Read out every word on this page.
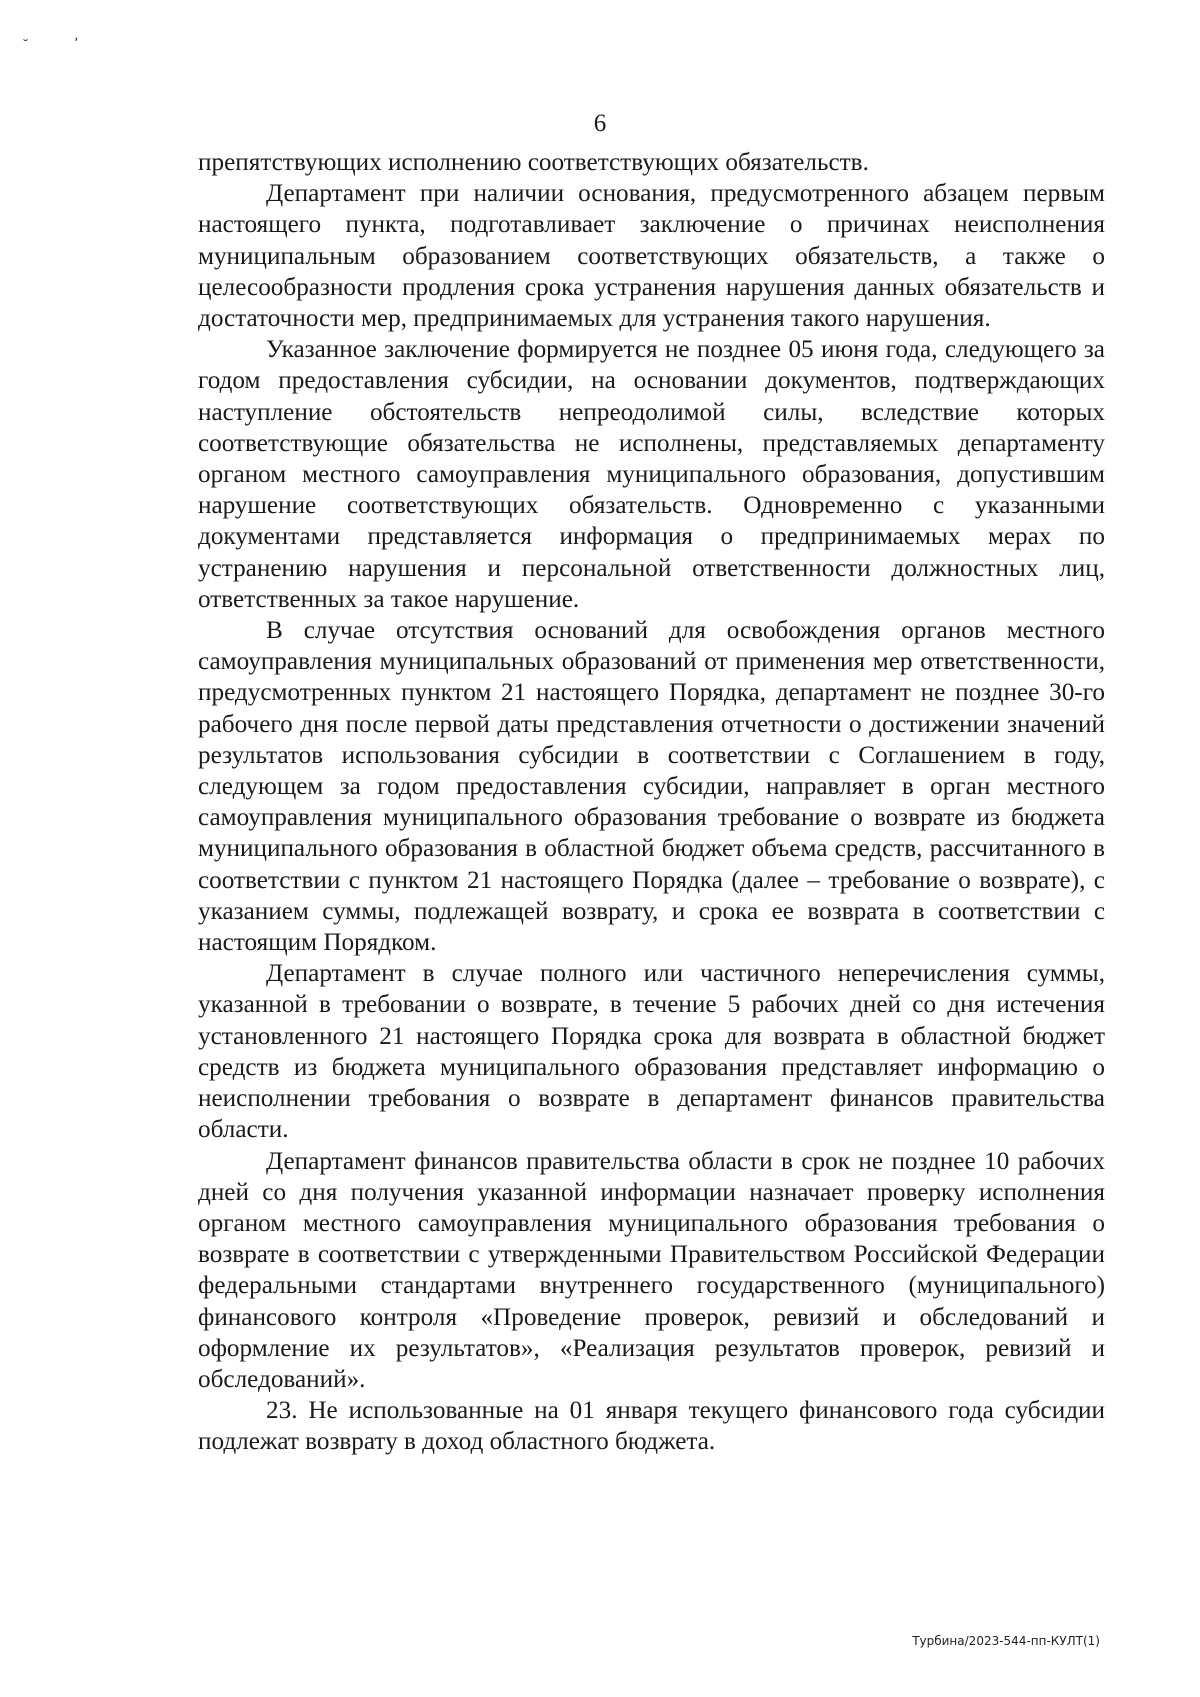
˘	ʼ
6

препятствующих исполнению соответствующих обязательств.

Департамент при наличии основания, предусмотренного абзацем первым настоящего пункта, подготавливает заключение о причинах неисполнения муниципальным образованием соответствующих обязательств, а также о целесообразности продления срока устранения нарушения данных обязательств и достаточности мер, предпринимаемых для устранения такого нарушения.

Указанное заключение формируется не позднее 05 июня года, следующего за годом предоставления субсидии, на основании документов, подтверждающих наступление обстоятельств непреодолимой силы, вследствие которых соответствующие обязательства не исполнены, представляемых департаменту органом местного самоуправления муниципального образования, допустившим нарушение соответствующих обязательств. Одновременно с указанными документами представляется информация о предпринимаемых мерах по устранению нарушения и персональной ответственности должностных лиц, ответственных за такое нарушение.

В случае отсутствия оснований для освобождения органов местного самоуправления муниципальных образований от применения мер ответственности, предусмотренных пунктом 21 настоящего Порядка, департамент не позднее 30-го рабочего дня после первой даты представления отчетности о достижении значений результатов использования субсидии в соответствии с Соглашением в году, следующем за годом предоставления субсидии, направляет в орган местного самоуправления муниципального образования требование о возврате из бюджета муниципального образования в областной бюджет объема средств, рассчитанного в соответствии с пунктом 21 настоящего Порядка (далее – требование о возврате), с указанием суммы, подлежащей возврату, и срока ее возврата в соответствии с настоящим Порядком.

Департамент в случае полного или частичного неперечисления суммы, указанной в требовании о возврате, в течение 5 рабочих дней со дня истечения установленного 21 настоящего Порядка срока для возврата в областной бюджет средств из бюджета муниципального образования представляет информацию о неисполнении требования о возврате в департамент финансов правительства области.

Департамент финансов правительства области в срок не позднее 10 рабочих дней со дня получения указанной информации назначает проверку исполнения органом местного самоуправления муниципального образования требования о возврате в соответствии с утвержденными Правительством Российской Федерации федеральными стандартами внутреннего государственного (муниципального) финансового контроля «Проведение проверок, ревизий и обследований и оформление их результатов», «Реализация результатов проверок, ревизий и обследований».

23. Не использованные на 01 января текущего финансового года субсидии подлежат возврату в доход областного бюджета.

Турбина/2023-544-пп-КУЛТ(1)
